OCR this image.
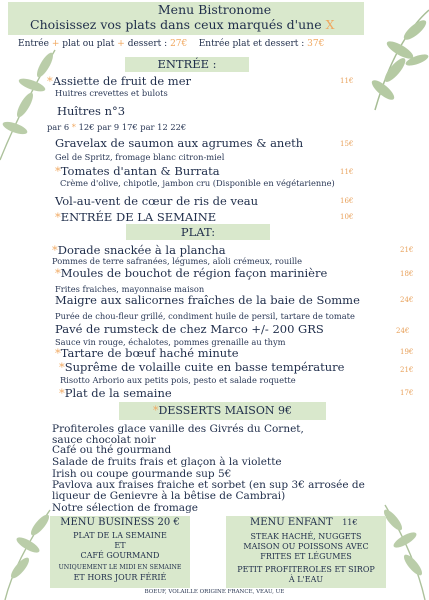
Menu Bistronome
Choisissez vos plats dans ceux marqués d'une X
Entrée + plat ou plat + dessert : 27€ Entrée plat et dessert : 37€
ENTRÉE :
*Assiette de fruit de mer	11€
Huitres crevettes et bulots
Huîtres n°3
par 6 * 12€ par 9 17€ par 12 22€
Gravelax de saumon aux agrumes & aneth	15€
Gel de Spritz, fromage blanc citron-miel
*Tomates d'antan & Burrata	11€
Crème d'olive, chipotle, jambon cru (Disponible en végétarienne)
Vol-au-vent de cœur de ris de veau	16€
*ENTRÉE DE LA SEMAINE	10€
PLAT:
*Dorade snackée à la plancha	21€
Pommes de terre safranées, légumes, aïoli crémeux, rouille
*Moules de bouchot de région façon marinière	18€
Frites fraiches, mayonnaise maison
Maigre aux salicornes fraîches de la baie de Somme	24€
Purée de chou-fleur grillé, condiment huile de persil, tartare de tomate
Pavé de rumsteck de chez Marco +/- 200 GRS	24€
Sauce vin rouge, échalotes, pommes grenaille au thym
*Tartare de bœuf haché minute	19€
*Suprême de volaille cuite en basse température	21€
Risotto Arborio aux petits pois, pesto et salade roquette
*Plat de la semaine	17€
*DESSERTS MAISON 9€
Profiteroles glace vanille des Givrés du Cornet,
sauce chocolat noir
Café ou thé gourmand
Salade de fruits frais et glaçon à la violette
Irish ou coupe gourmande sup 5€
Pavlova aux fraises fraiche et sorbet (en sup 3€ arrosée de
liqueur de Genievre à la bêtise de Cambrai)
Notre sélection de fromage
MENU BUSINESS 20 €
PLAT DE LA SEMAINE
ET
CAFÉ GOURMAND
UNIQUEMENT LE MIDI EN SEMAINE
ET HORS JOUR FÉRIÉ
MENU ENFANT 11€
STEAK HACHÉ, NUGGETS
MAISON OU POISSONS AVEC
FRITES ET LÉGUMES
PETIT PROFITEROLES ET SIROP
À L'EAU
BOEUF, VOLAILLE ORIGINE FRANCE, VEAU, UE
